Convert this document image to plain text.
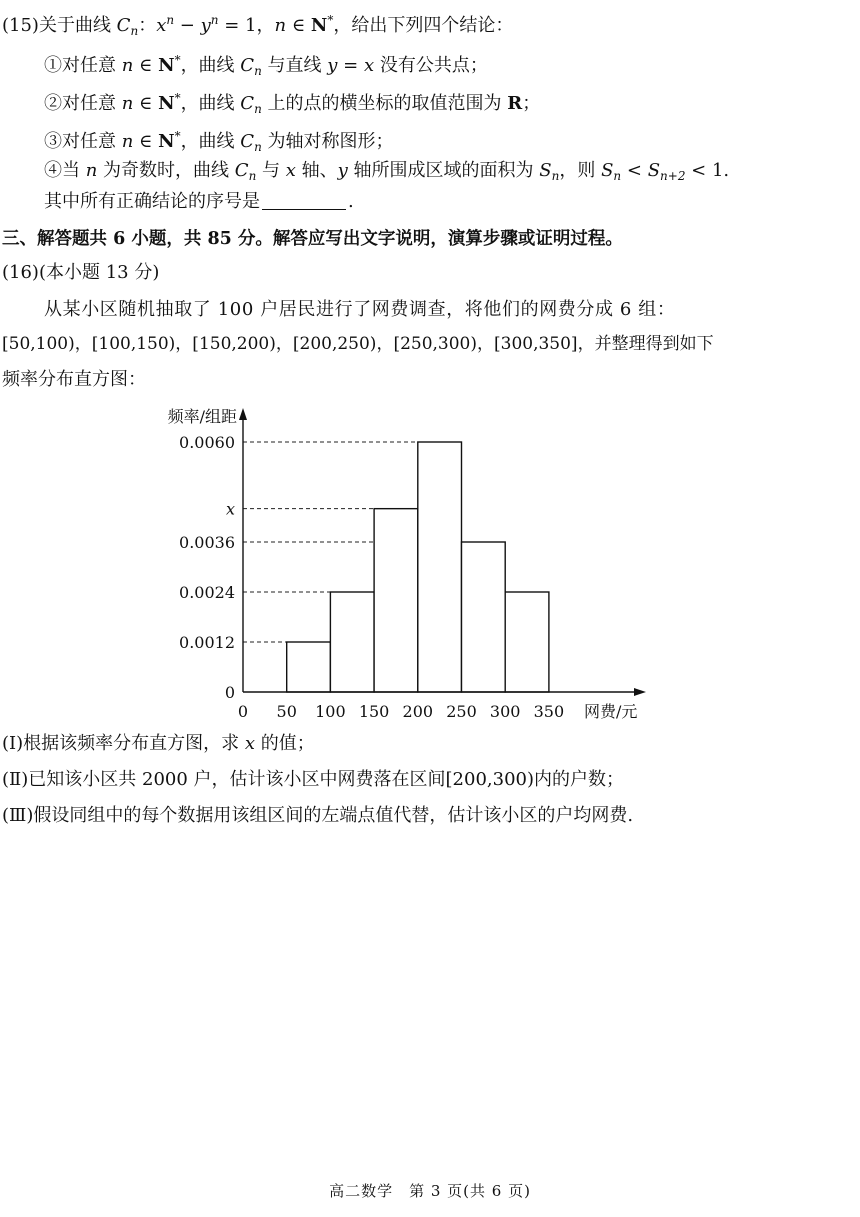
(15)关于曲线 $C_n$：$x^n - y^n = 1$，n ∈ N*，给出下列四个结论：
①对任意 n ∈ N*，曲线 $C_n$ 与直线 y = x 没有公共点；
②对任意 n ∈ N*，曲线 $C_n$ 上的点的横坐标的取值范围为 R；
③对任意 n ∈ N*，曲线 $C_n$ 为轴对称图形；
④当 n 为奇数时，曲线 $C_n$ 与 x 轴、y 轴所围成区域的面积为 $S_n$，则 $S_n < S_{n+2} < 1$.
其中所有正确结论的序号是	.
三、解答题共 6 小题，共 85 分。解答应写出文字说明，演算步骤或证明过程。
(16)(本小题 13 分)
从某小区随机抽取了 100 户居民进行了网费调查，将他们的网费分成 6 组：
[50,100)，[100,150)，[150,200)，[200,250)，[250,300)，[300,350]，并整理得到如下
频率分布直方图：
0
0.0012
0.0024
0.0036
x
0.0060
0 50 100 150 200 250 300 350
频率/组距
网费/元
(Ⅰ)根据该频率分布直方图，求 x 的值；
(Ⅱ)已知该小区共 2000 户，估计该小区中网费落在区间[200,300)内的户数；
(Ⅲ)假设同组中的每个数据用该组区间的左端点值代替，估计该小区的户均网费.
高二数学　第 3 页(共 6 页)
